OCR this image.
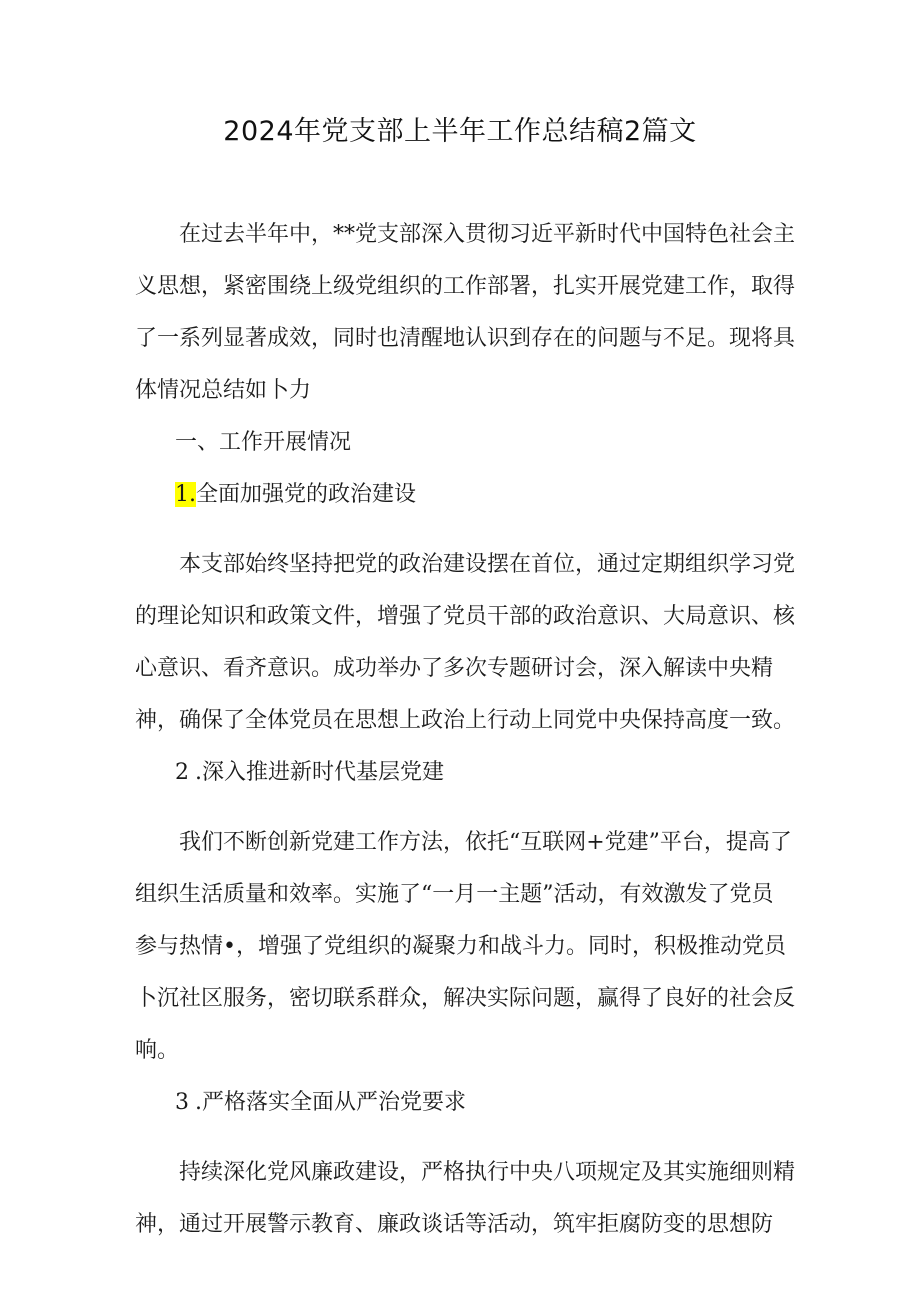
2024年党支部上半年工作总结稿2篇文

在过去半年中，**党支部深入贯彻习近平新时代中国特色社会主义思想，紧密围绕上级党组织的工作部署，扎实开展党建工作，取得了一系列显著成效，同时也清醒地认识到存在的问题与不足。现将具体情况总结如卜力

一、工作开展情况

1.全面加强党的政治建设

本支部始终坚持把党的政治建设摆在首位，通过定期组织学习党的理论知识和政策文件，增强了党员干部的政治意识、大局意识、核心意识、看齐意识。成功举办了多次专题研讨会，深入解读中央精神，确保了全体党员在思想上政治上行动上同党中央保持高度一致。

2 .深入推进新时代基层党建

我们不断创新党建工作方法，依托“互联网+党建”平台，提高了组织生活质量和效率。实施了“一月一主题”活动，有效激发了党员参与热情•，增强了党组织的凝聚力和战斗力。同时，积极推动党员卜沉社区服务，密切联系群众，解决实际问题，赢得了良好的社会反响。

3 .严格落实全面从严治党要求

持续深化党风廉政建设，严格执行中央八项规定及其实施细则精神，通过开展警示教育、廉政谈话等活动，筑牢拒腐防变的思想防
